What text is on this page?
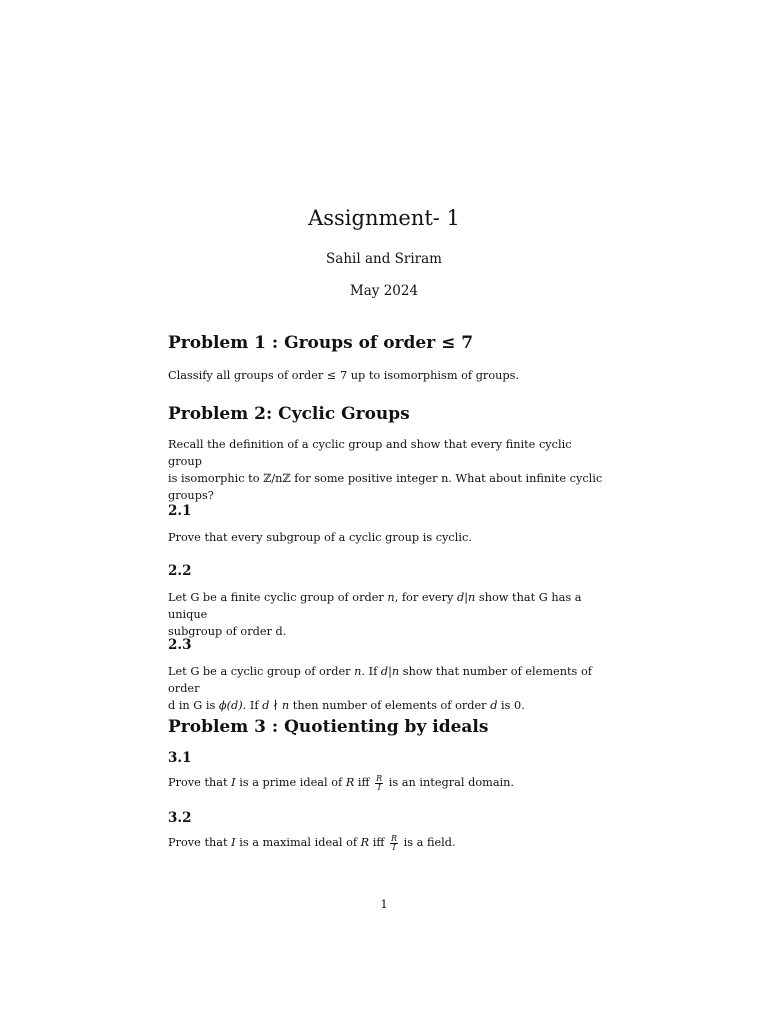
Assignment- 1
Sahil and Sriram
May 2024
Problem 1 : Groups of order ≤ 7
Classify all groups of order ≤ 7 up to isomorphism of groups.
Problem 2: Cyclic Groups
Recall the definition of a cyclic group and show that every finite cyclic group
is isomorphic to ℤ/nℤ for some positive integer n. What about infinite cyclic
groups?
2.1
Prove that every subgroup of a cyclic group is cyclic.
2.2
Let G be a finite cyclic group of order n, for every d|n show that G has a unique
subgroup of order d.
2.3
Let G be a cyclic group of order n. If d|n show that number of elements of order
d in G is ϕ(d). If d ∤ n then number of elements of order d is 0.
Problem 3 : Quotienting by ideals
3.1
Prove that I is a prime ideal of R iff $\frac{R}{I}$ is an integral domain.
3.2
Prove that I is a maximal ideal of R iff $\frac{R}{I}$ is a field.
1
